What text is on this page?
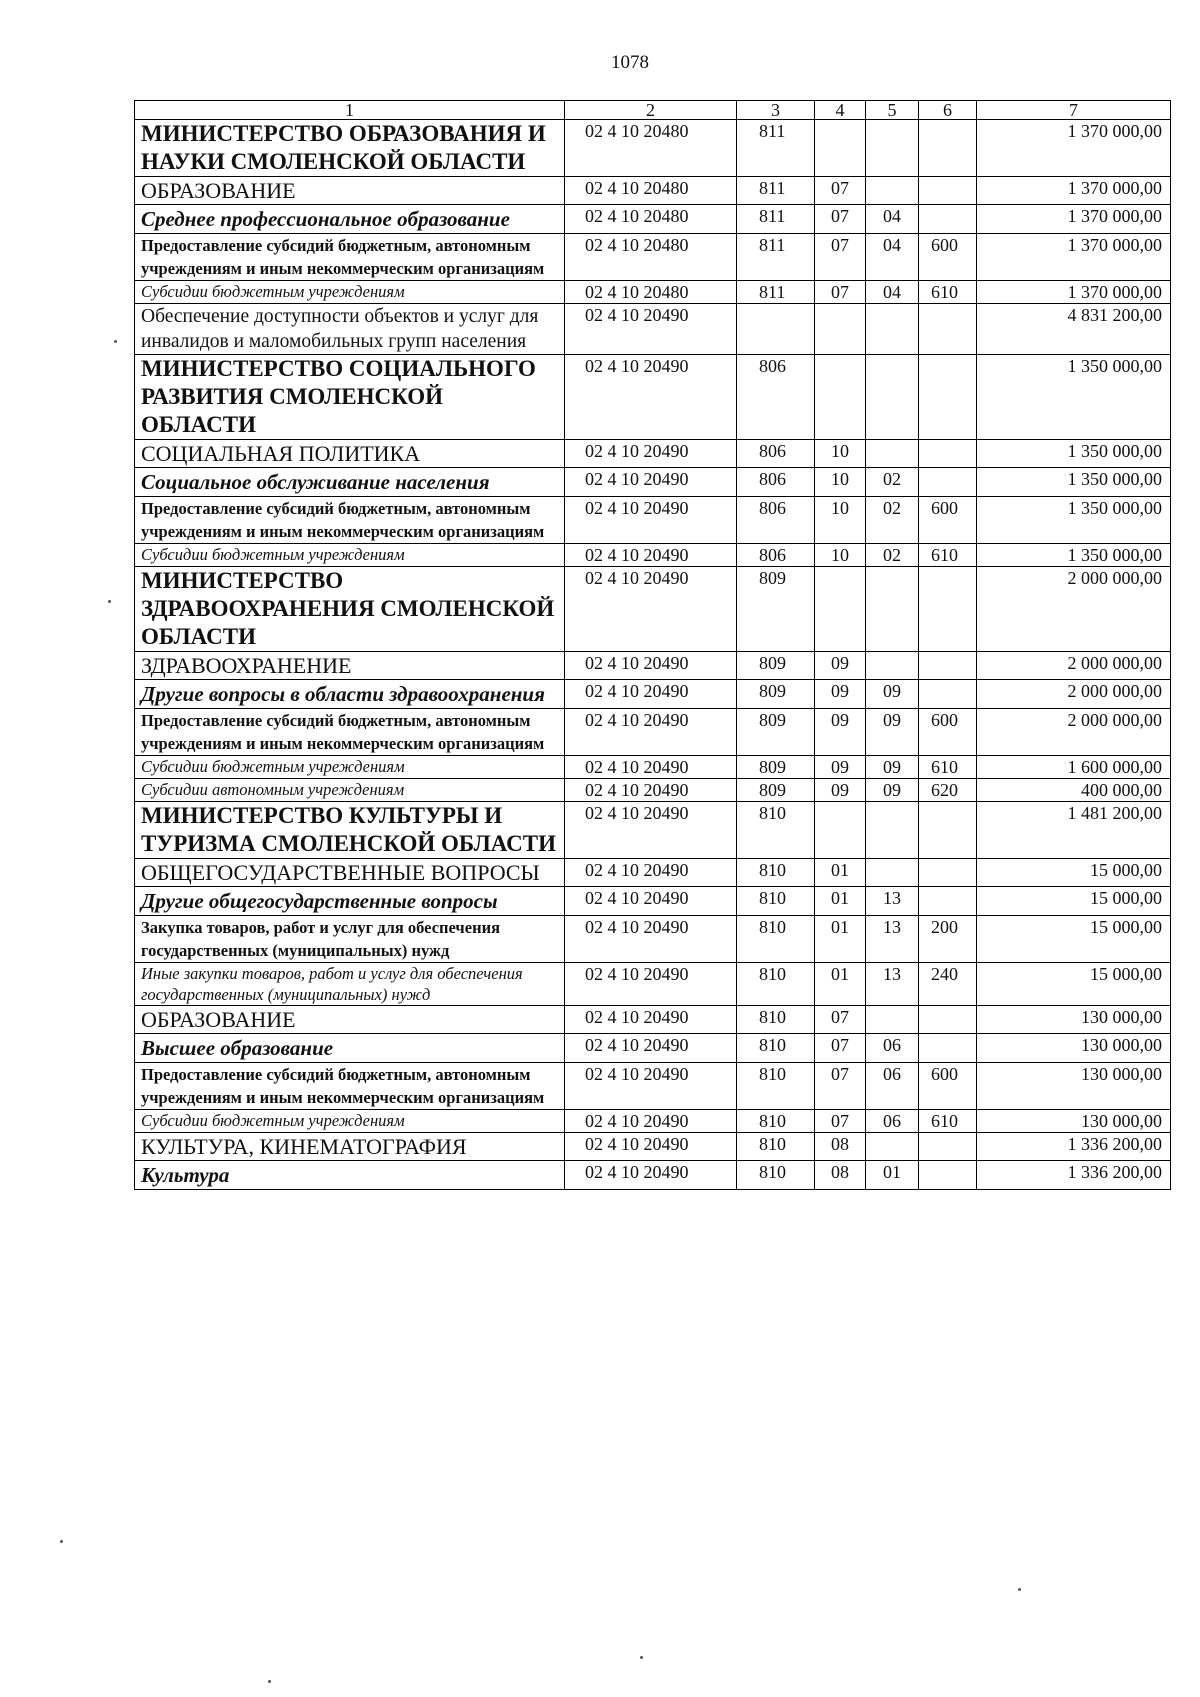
1078
1	2	3	4	5	6	7
МИНИСТЕРСТВО ОБРАЗОВАНИЯ И НАУКИ СМОЛЕНСКОЙ ОБЛАСТИ	02 4 10 20480	811				1 370 000,00
ОБРАЗОВАНИЕ	02 4 10 20480	811	07			1 370 000,00
Среднее профессиональное образование	02 4 10 20480	811	07	04		1 370 000,00
Предоставление субсидий бюджетным, автономным учреждениям и иным некоммерческим организациям	02 4 10 20480	811	07	04	600	1 370 000,00
Субсидии бюджетным учреждениям	02 4 10 20480	811	07	04	610	1 370 000,00
Обеспечение доступности объектов и услуг для инвалидов и маломобильных групп населения	02 4 10 20490					4 831 200,00
МИНИСТЕРСТВО СОЦИАЛЬНОГО РАЗВИТИЯ СМОЛЕНСКОЙ ОБЛАСТИ	02 4 10 20490	806				1 350 000,00
СОЦИАЛЬНАЯ ПОЛИТИКА	02 4 10 20490	806	10			1 350 000,00
Социальное обслуживание населения	02 4 10 20490	806	10	02		1 350 000,00
Предоставление субсидий бюджетным, автономным учреждениям и иным некоммерческим организациям	02 4 10 20490	806	10	02	600	1 350 000,00
Субсидии бюджетным учреждениям	02 4 10 20490	806	10	02	610	1 350 000,00
МИНИСТЕРСТВО ЗДРАВООХРАНЕНИЯ СМОЛЕНСКОЙ ОБЛАСТИ	02 4 10 20490	809				2 000 000,00
ЗДРАВООХРАНЕНИЕ	02 4 10 20490	809	09			2 000 000,00
Другие вопросы в области здравоохранения	02 4 10 20490	809	09	09		2 000 000,00
Предоставление субсидий бюджетным, автономным учреждениям и иным некоммерческим организациям	02 4 10 20490	809	09	09	600	2 000 000,00
Субсидии бюджетным учреждениям	02 4 10 20490	809	09	09	610	1 600 000,00
Субсидии автономным учреждениям	02 4 10 20490	809	09	09	620	400 000,00
МИНИСТЕРСТВО КУЛЬТУРЫ И ТУРИЗМА СМОЛЕНСКОЙ ОБЛАСТИ	02 4 10 20490	810				1 481 200,00
ОБЩЕГОСУДАРСТВЕННЫЕ ВОПРОСЫ	02 4 10 20490	810	01			15 000,00
Другие общегосударственные вопросы	02 4 10 20490	810	01	13		15 000,00
Закупка товаров, работ и услуг для обеспечения государственных (муниципальных) нужд	02 4 10 20490	810	01	13	200	15 000,00
Иные закупки товаров, работ и услуг для обеспечения государственных (муниципальных) нужд	02 4 10 20490	810	01	13	240	15 000,00
ОБРАЗОВАНИЕ	02 4 10 20490	810	07			130 000,00
Высшее образование	02 4 10 20490	810	07	06		130 000,00
Предоставление субсидий бюджетным, автономным учреждениям и иным некоммерческим организациям	02 4 10 20490	810	07	06	600	130 000,00
Субсидии бюджетным учреждениям	02 4 10 20490	810	07	06	610	130 000,00
КУЛЬТУРА, КИНЕМАТОГРАФИЯ	02 4 10 20490	810	08			1 336 200,00
Культура	02 4 10 20490	810	08	01		1 336 200,00
